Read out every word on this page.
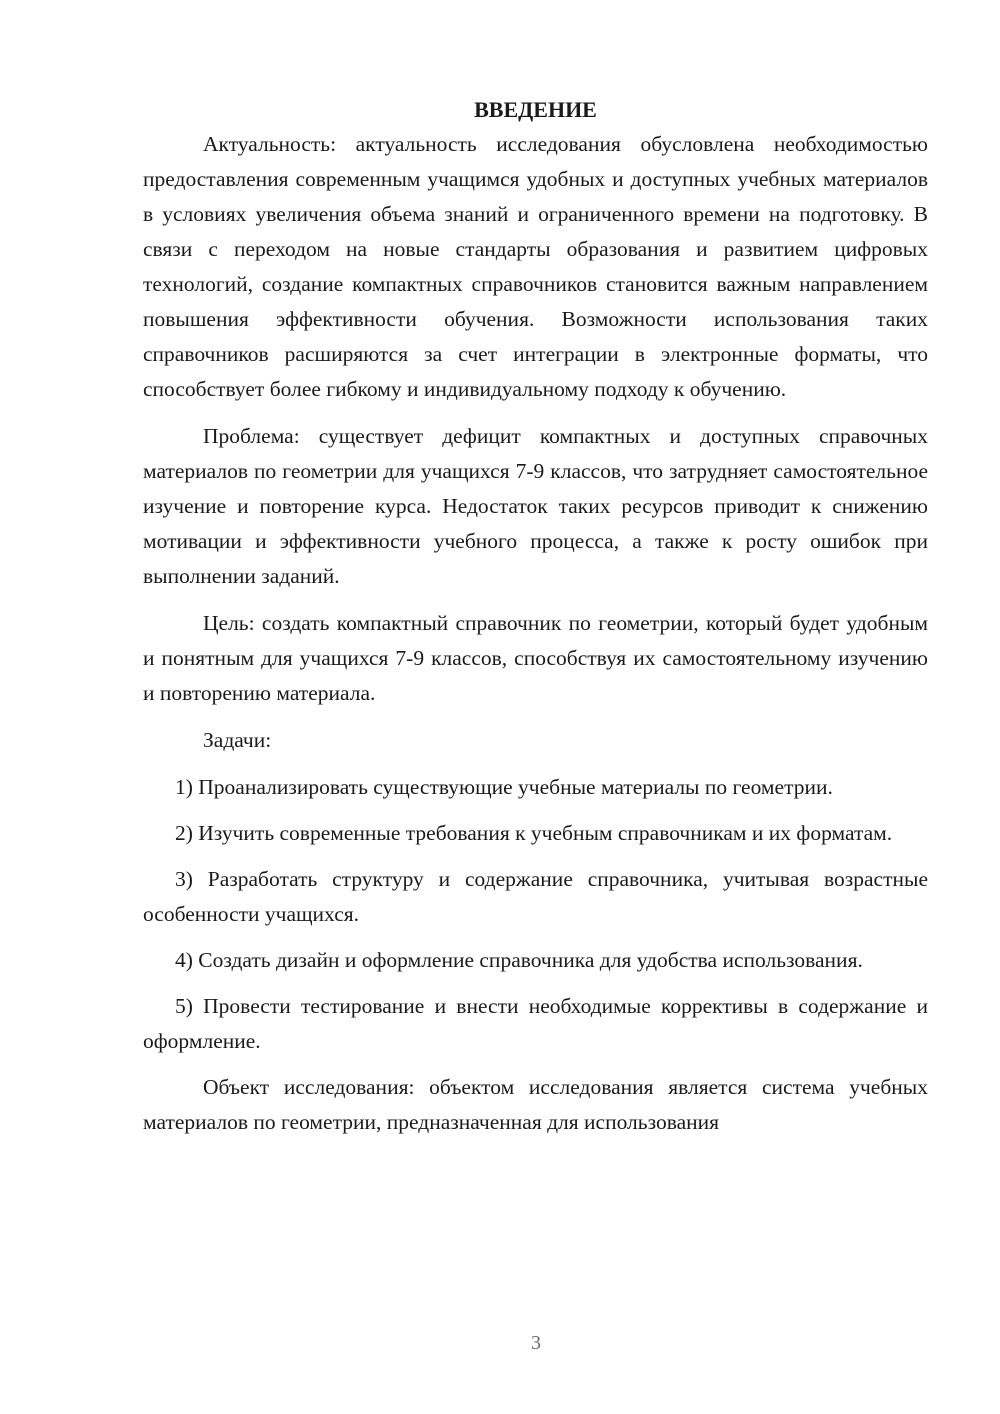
ВВЕДЕНИЕ

Актуальность: актуальность исследования обусловлена необходимостью предоставления современным учащимся удобных и доступных учебных материалов в условиях увеличения объема знаний и ограниченного времени на подготовку. В связи с переходом на новые стандарты образования и развитием цифровых технологий, создание компактных справочников становится важным направлением повышения эффективности обучения. Возможности использования таких справочников расширяются за счет интеграции в электронные форматы, что способствует более гибкому и индивидуальному подходу к обучению.

Проблема: существует дефицит компактных и доступных справочных материалов по геометрии для учащихся 7-9 классов, что затрудняет самостоятельное изучение и повторение курса. Недостаток таких ресурсов приводит к снижению мотивации и эффективности учебного процесса, а также к росту ошибок при выполнении заданий.

Цель: создать компактный справочник по геометрии, который будет удобным и понятным для учащихся 7-9 классов, способствуя их самостоятельному изучению и повторению материала.

Задачи:

1) Проанализировать существующие учебные материалы по геометрии.

2) Изучить современные требования к учебным справочникам и их форматам.

3) Разработать структуру и содержание справочника, учитывая возрастные особенности учащихся.

4) Создать дизайн и оформление справочника для удобства использования.

5) Провести тестирование и внести необходимые коррективы в содержание и оформление.

Объект исследования: объектом исследования является система учебных материалов по геометрии, предназначенная для использования

3
